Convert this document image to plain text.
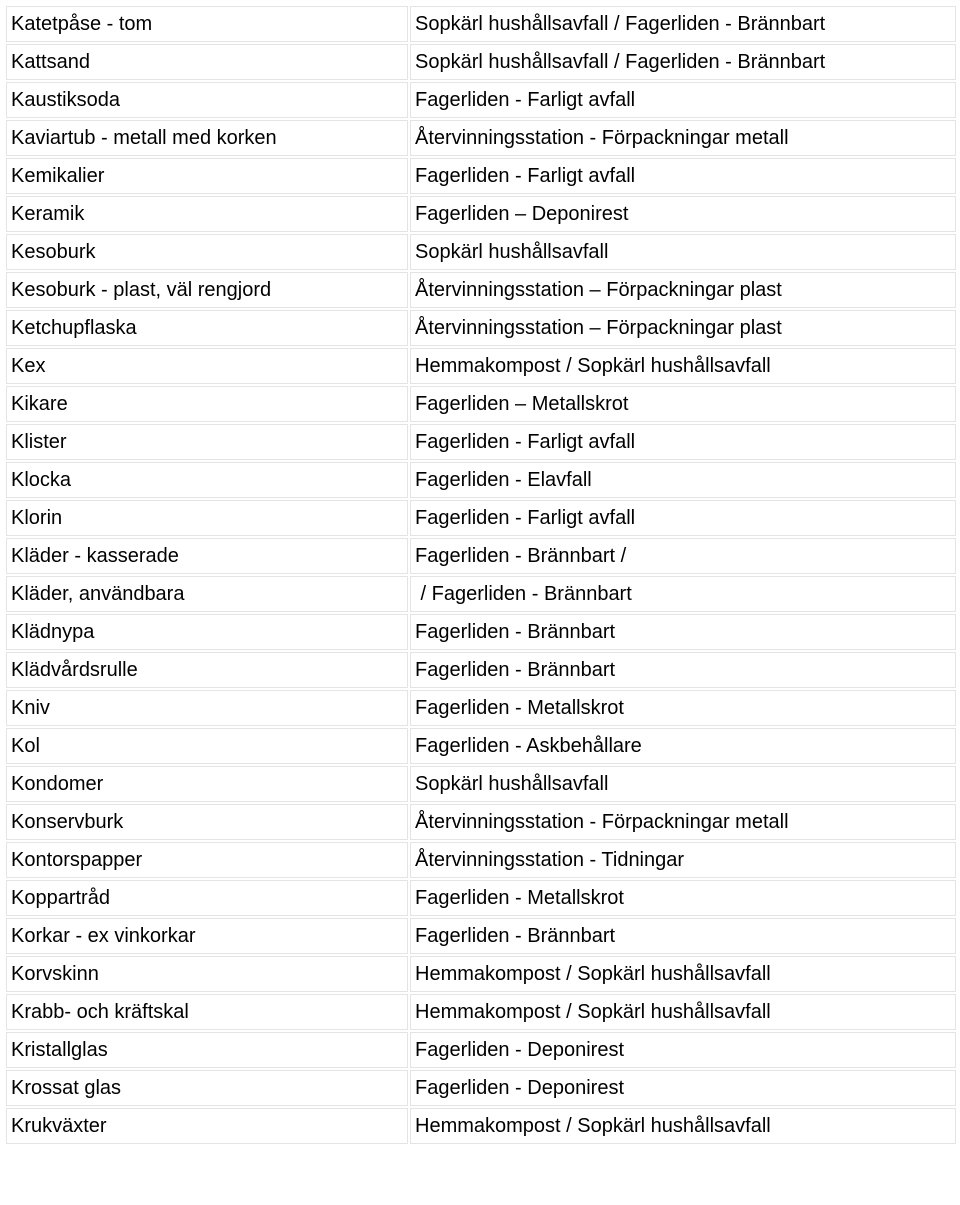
Katetpåse - tom	Sopkärl hushållsavfall / Fagerliden - Brännbart
Kattsand	Sopkärl hushållsavfall / Fagerliden - Brännbart
Kaustiksoda	Fagerliden - Farligt avfall
Kaviartub - metall med korken	Återvinningsstation - Förpackningar metall
Kemikalier	Fagerliden - Farligt avfall
Keramik	Fagerliden – Deponirest
Kesoburk	Sopkärl hushållsavfall
Kesoburk - plast, väl rengjord	Återvinningsstation – Förpackningar plast
Ketchupflaska	Återvinningsstation – Förpackningar plast
Kex	Hemmakompost / Sopkärl hushållsavfall
Kikare	Fagerliden – Metallskrot
Klister	Fagerliden - Farligt avfall
Klocka	Fagerliden - Elavfall
Klorin	Fagerliden - Farligt avfall
Kläder - kasserade	Fagerliden - Brännbart /
Kläder, användbara	/ Fagerliden - Brännbart
Klädnypa	Fagerliden - Brännbart
Klädvårdsrulle	Fagerliden - Brännbart
Kniv	Fagerliden - Metallskrot
Kol	Fagerliden - Askbehållare
Kondomer	Sopkärl hushållsavfall
Konservburk	Återvinningsstation - Förpackningar metall
Kontorspapper	Återvinningsstation - Tidningar
Koppartråd	Fagerliden - Metallskrot
Korkar - ex vinkorkar	Fagerliden - Brännbart
Korvskinn	Hemmakompost / Sopkärl hushållsavfall
Krabb- och kräftskal	Hemmakompost / Sopkärl hushållsavfall
Kristallglas	Fagerliden - Deponirest
Krossat glas	Fagerliden - Deponirest
Krukväxter	Hemmakompost / Sopkärl hushållsavfall
